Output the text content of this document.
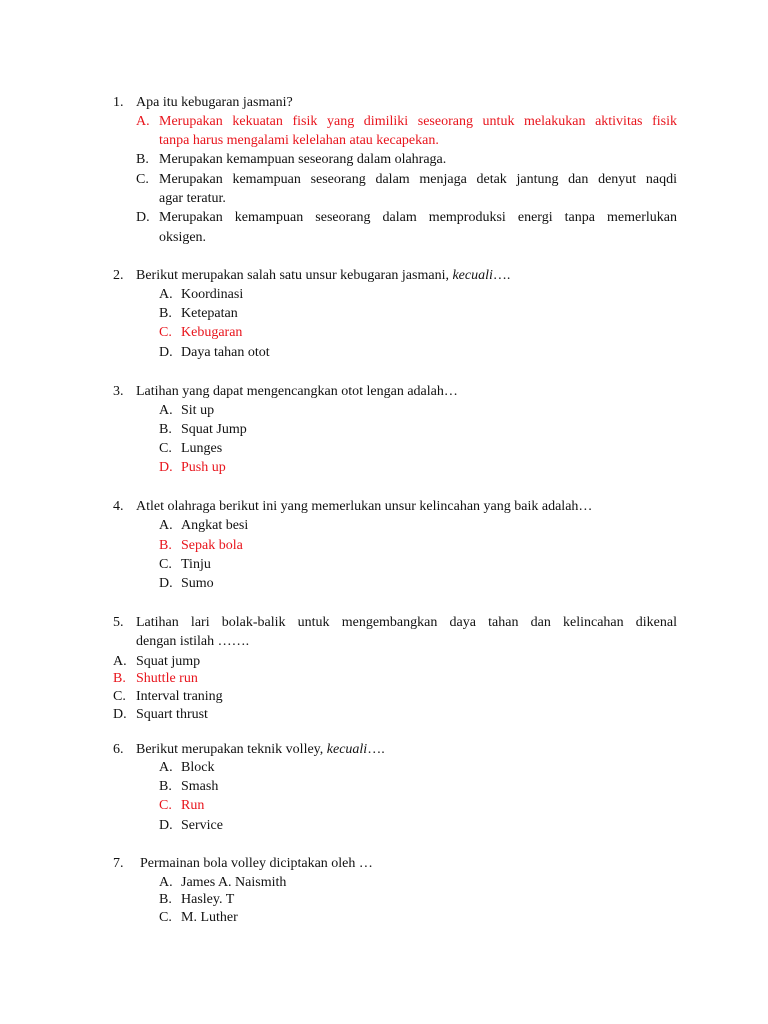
1. Apa itu kebugaran jasmani?
A. Merupakan kekuatan fisik yang dimiliki seseorang untuk melakukan aktivitas fisik
tanpa harus mengalami kelelahan atau kecapekan.
B. Merupakan kemampuan seseorang dalam olahraga.
C. Merupakan kemampuan seseorang dalam menjaga detak jantung dan denyut naqdi
agar teratur.
D. Merupakan kemampuan seseorang dalam memproduksi energi tanpa memerlukan
oksigen.
2. Berikut merupakan salah satu unsur kebugaran jasmani, kecuali….
A. Koordinasi
B. Ketepatan
C. Kebugaran
D. Daya tahan otot
3. Latihan yang dapat mengencangkan otot lengan adalah…
A. Sit up
B. Squat Jump
C. Lunges
D. Push up
4. Atlet olahraga berikut ini yang memerlukan unsur kelincahan yang baik adalah…
A. Angkat besi
B. Sepak bola
C. Tinju
D. Sumo
5. Latihan lari bolak-balik untuk mengembangkan daya tahan dan kelincahan dikenal
dengan istilah …….
A. Squat jump
B. Shuttle run
C. Interval traning
D. Squart thrust
6. Berikut merupakan teknik volley, kecuali….
A. Block
B. Smash
C. Run
D. Service
7. Permainan bola volley diciptakan oleh …
A. James A. Naismith
B. Hasley. T
C. M. Luther
